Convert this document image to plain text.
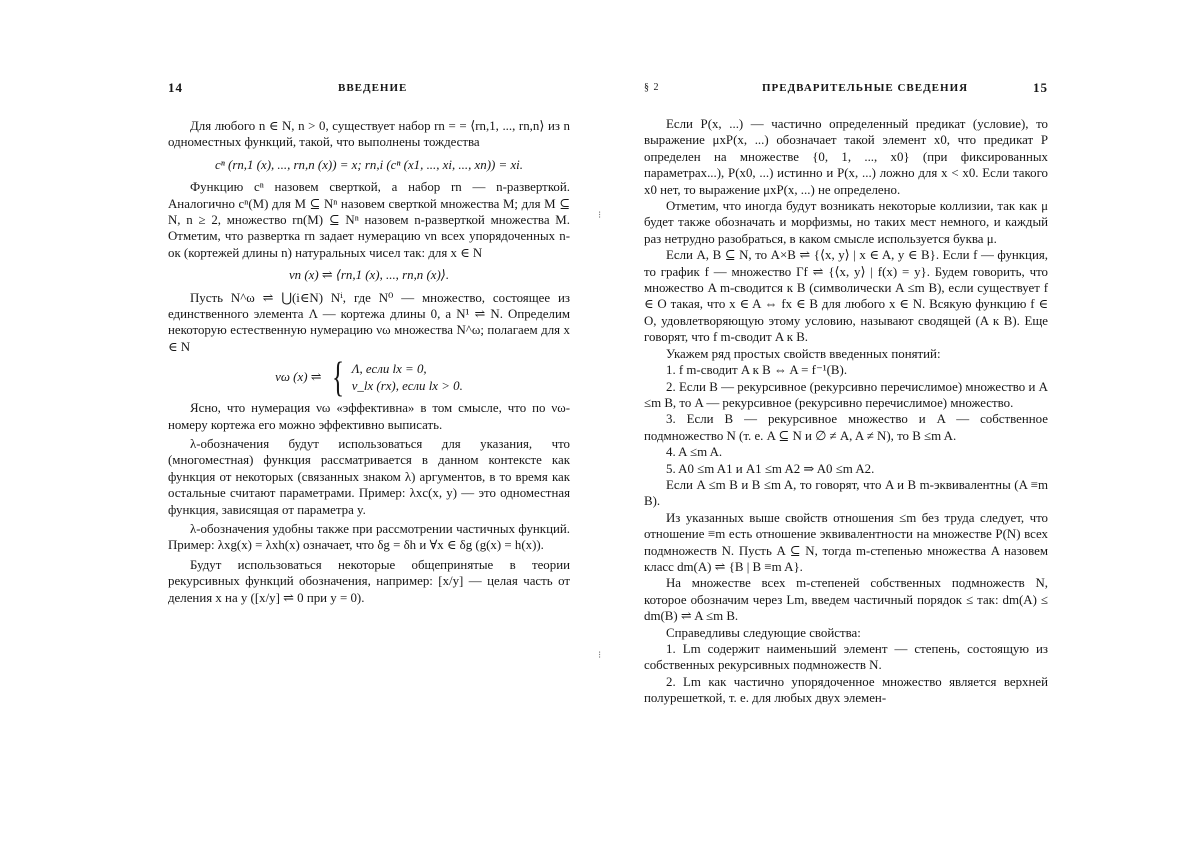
14	ВВЕДЕНИЕ

Для любого n ∈ N, n > 0, существует набор rn = = ⟨rn,1, ..., rn,n⟩ из n одноместных функций, такой, что выполнены тождества

cⁿ (rn,1 (x), ..., rn,n (x)) = x; rn,i (cⁿ (x1, ..., xi, ..., xn)) = xi.

Функцию cⁿ назовем сверткой, а набор rn — n-разверткой. Аналогично cⁿ(M) для M ⊆ Nⁿ назовем сверткой множества M; для M ⊆ N, n ≥ 2, множество rn(M) ⊆ Nⁿ назовем n-разверткой множества M. Отметим, что развертка rn задает нумерацию νn всех упорядоченных n-ок (кортежей длины n) натуральных чисел так: для x ∈ N

νn (x) ⇌ ⟨rn,1 (x), ..., rn,n (x)⟩.

Пусть N^ω ⇌ ⋃(i∈N) Nⁱ, где N⁰ — множество, состоящее из единственного элемента Λ — кортежа длины 0, а N¹ ⇌ N. Определим некоторую естественную нумерацию νω множества N^ω; полагаем для x ∈ N

νω (x) ⇌ { Λ, если lx = 0,
ν_lx (rx), если lx > 0.

Ясно, что нумерация νω «эффективна» в том смысле, что по νω-номеру кортежа его можно эффективно выписать.

λ-обозначения будут использоваться для указания, что (многоместная) функция рассматривается в данном контексте как функция от некоторых (связанных знаком λ) аргументов, в то время как остальные считают параметрами. Пример: λxc(x, y) — это одноместная функция, зависящая от параметра y.

λ-обозначения удобны также при рассмотрении частичных функций. Пример: λxg(x) = λxh(x) означает, что δg = δh и ∀x ∈ δg (g(x) = h(x)).

Будут использоваться некоторые общепринятые в теории рекурсивных функций обозначения, например: [x/y] — целая часть от деления x на y ([x/y] ⇌ 0 при y = 0).

⁝
⁝
§ 2	ПРЕДВАРИТЕЛЬНЫЕ СВЕДЕНИЯ	15

Если P(x, ...) — частично определенный предикат (условие), то выражение μxP(x, ...) обозначает такой элемент x0, что предикат P определен на множестве {0, 1, ..., x0} (при фиксированных параметрах...), P(x0, ...) истинно и P(x, ...) ложно для x < x0. Если такого x0 нет, то выражение μxP(x, ...) не определено.

Отметим, что иногда будут возникать некоторые коллизии, так как μ будет также обозначать и морфизмы, но таких мест немного, и каждый раз нетрудно разобраться, в каком смысле используется буква μ.

Если A, B ⊆ N, то A×B ⇌ {⟨x, y⟩ | x ∈ A, y ∈ B}. Если f — функция, то график f — множество Γf ⇌ {⟨x, y⟩ | f(x) = y}. Будем говорить, что множество A m-сводится к B (символически A ≤m B), если существует f ∈ O такая, что x ∈ A ⇔ fx ∈ B для любого x ∈ N. Всякую функцию f ∈ O, удовлетворяющую этому условию, называют сводящей (A к B). Еще говорят, что f m-сводит A к B.

Укажем ряд простых свойств введенных понятий:

1. f m-сводит A к B ⇔ A = f⁻¹(B).

2. Если B — рекурсивное (рекурсивно перечислимое) множество и A ≤m B, то A — рекурсивное (рекурсивно перечислимое) множество.

3. Если B — рекурсивное множество и A — собственное подмножество N (т. е. A ⊆ N и ∅ ≠ A, A ≠ N), то B ≤m A.

4. A ≤m A.

5. A0 ≤m A1 и A1 ≤m A2 ⇒ A0 ≤m A2.

Если A ≤m B и B ≤m A, то говорят, что A и B m-эквивалентны (A ≡m B).

Из указанных выше свойств отношения ≤m без труда следует, что отношение ≡m есть отношение эквивалентности на множестве P(N) всех подмножеств N. Пусть A ⊆ N, тогда m-степенью множества A назовем класс dm(A) ⇌ {B | B ≡m A}.

На множестве всех m-степеней собственных подмножеств N, которое обозначим через Lm, введем частичный порядок ≤ так: dm(A) ≤ dm(B) ⇌ A ≤m B.

Справедливы следующие свойства:

1. Lm содержит наименьший элемент — степень, состоящую из собственных рекурсивных подмножеств N.

2. Lm как частично упорядоченное множество является верхней полурешеткой, т. е. для любых двух элемен-
